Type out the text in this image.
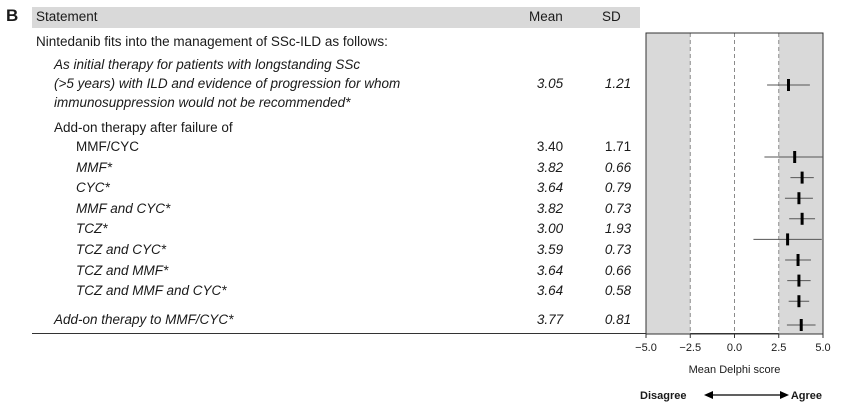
B Statement	Mean	SD
Nintedanib fits into the management of SSc-ILD as follows:
As initial therapy for patients with longstanding SSc
(>5 years) with ILD and evidence of progression for whom
immunosuppression would not be recommended*
3.05	1.21
Add-on therapy after failure of
MMF/CYC	3.40	1.71
MMF*	3.82	0.66
CYC*	3.64	0.79
MMF and CYC*	3.82	0.73
TCZ*	3.00	1.93
TCZ and CYC*	3.59	0.73
TCZ and MMF*	3.64	0.66
TCZ and MMF and CYC*	3.64	0.58
Add-on therapy to MMF/CYC*	3.77	0.81
−5.0 −2.5 0.0	2.5	5.0
Mean Delphi score
Disagree	Agree
